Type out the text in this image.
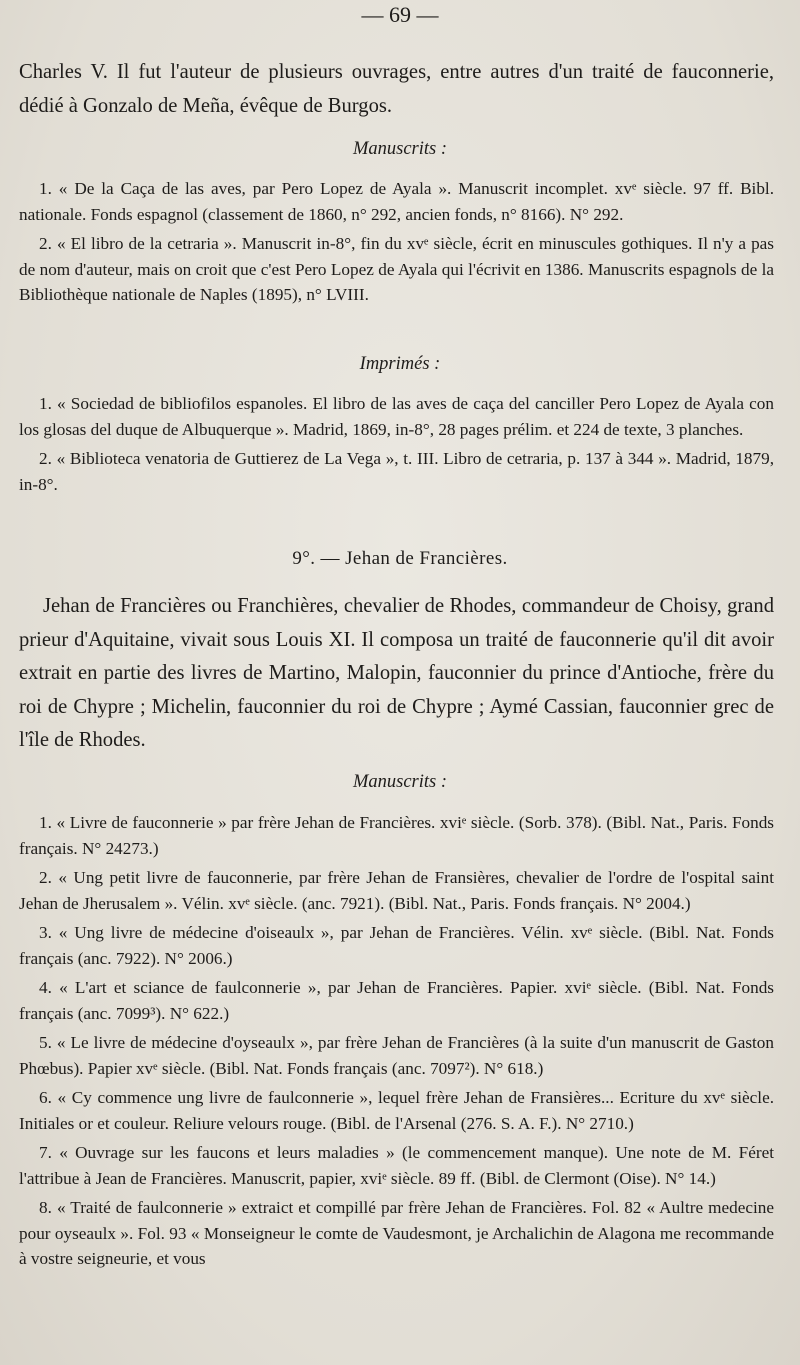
— 69 —

Charles V. Il fut l'auteur de plusieurs ouvrages, entre autres d'un traité de fauconnerie, dédié à Gonzalo de Meña, évêque de Burgos.

Manuscrits :

1. « De la Caça de las aves, par Pero Lopez de Ayala ». Manuscrit incomplet. xvᵉ siècle. 97 ff. Bibl. nationale. Fonds espagnol (classement de 1860, n° 292, ancien fonds, n° 8166). N° 292.

2. « El libro de la cetraria ». Manuscrit in-8°, fin du xvᵉ siècle, écrit en minuscules gothiques. Il n'y a pas de nom d'auteur, mais on croit que c'est Pero Lopez de Ayala qui l'écrivit en 1386. Manuscrits espagnols de la Bibliothèque nationale de Naples (1895), n° LVIII.

Imprimés :

1. « Sociedad de bibliofilos espanoles. El libro de las aves de caça del canciller Pero Lopez de Ayala con los glosas del duque de Albuquerque ». Madrid, 1869, in-8°, 28 pages prélim. et 224 de texte, 3 planches.

2. « Biblioteca venatoria de Guttierez de La Vega », t. III. Libro de cetraria, p. 137 à 344 ». Madrid, 1879, in-8°.

9°. — Jehan de Francières.

Jehan de Francières ou Franchières, chevalier de Rhodes, commandeur de Choisy, grand prieur d'Aquitaine, vivait sous Louis XI. Il composa un traité de fauconnerie qu'il dit avoir extrait en partie des livres de Martino, Malopin, fauconnier du prince d'Antioche, frère du roi de Chypre ; Michelin, fauconnier du roi de Chypre ; Aymé Cassian, fauconnier grec de l'île de Rhodes.

Manuscrits :

1. « Livre de fauconnerie » par frère Jehan de Francières. xviᵉ siècle. (Sorb. 378). (Bibl. Nat., Paris. Fonds français. N° 24273.)

2. « Ung petit livre de fauconnerie, par frère Jehan de Fransières, chevalier de l'ordre de l'ospital saint Jehan de Jherusalem ». Vélin. xvᵉ siècle. (anc. 7921). (Bibl. Nat., Paris. Fonds français. N° 2004.)

3. « Ung livre de médecine d'oiseaulx », par Jehan de Francières. Vélin. xvᵉ siècle. (Bibl. Nat. Fonds français (anc. 7922). N° 2006.)

4. « L'art et sciance de faulconnerie », par Jehan de Francières. Papier. xviᵉ siècle. (Bibl. Nat. Fonds français (anc. 7099³). N° 622.)

5. « Le livre de médecine d'oyseaulx », par frère Jehan de Francières (à la suite d'un manuscrit de Gaston Phœbus). Papier xvᵉ siècle. (Bibl. Nat. Fonds français (anc. 7097²). N° 618.)

6. « Cy commence ung livre de faulconnerie », lequel frère Jehan de Fransières... Ecriture du xvᵉ siècle. Initiales or et couleur. Reliure velours rouge. (Bibl. de l'Arsenal (276. S. A. F.). N° 2710.)

7. « Ouvrage sur les faucons et leurs maladies » (le commencement manque). Une note de M. Féret l'attribue à Jean de Francières. Manuscrit, papier, xviᵉ siècle. 89 ff. (Bibl. de Clermont (Oise). N° 14.)

8. « Traité de faulconnerie » extraict et compillé par frère Jehan de Francières. Fol. 82 « Aultre medecine pour oyseaulx ». Fol. 93 « Monseigneur le comte de Vaudesmont, je Archalichin de Alagona me recommande à vostre seigneurie, et vous
